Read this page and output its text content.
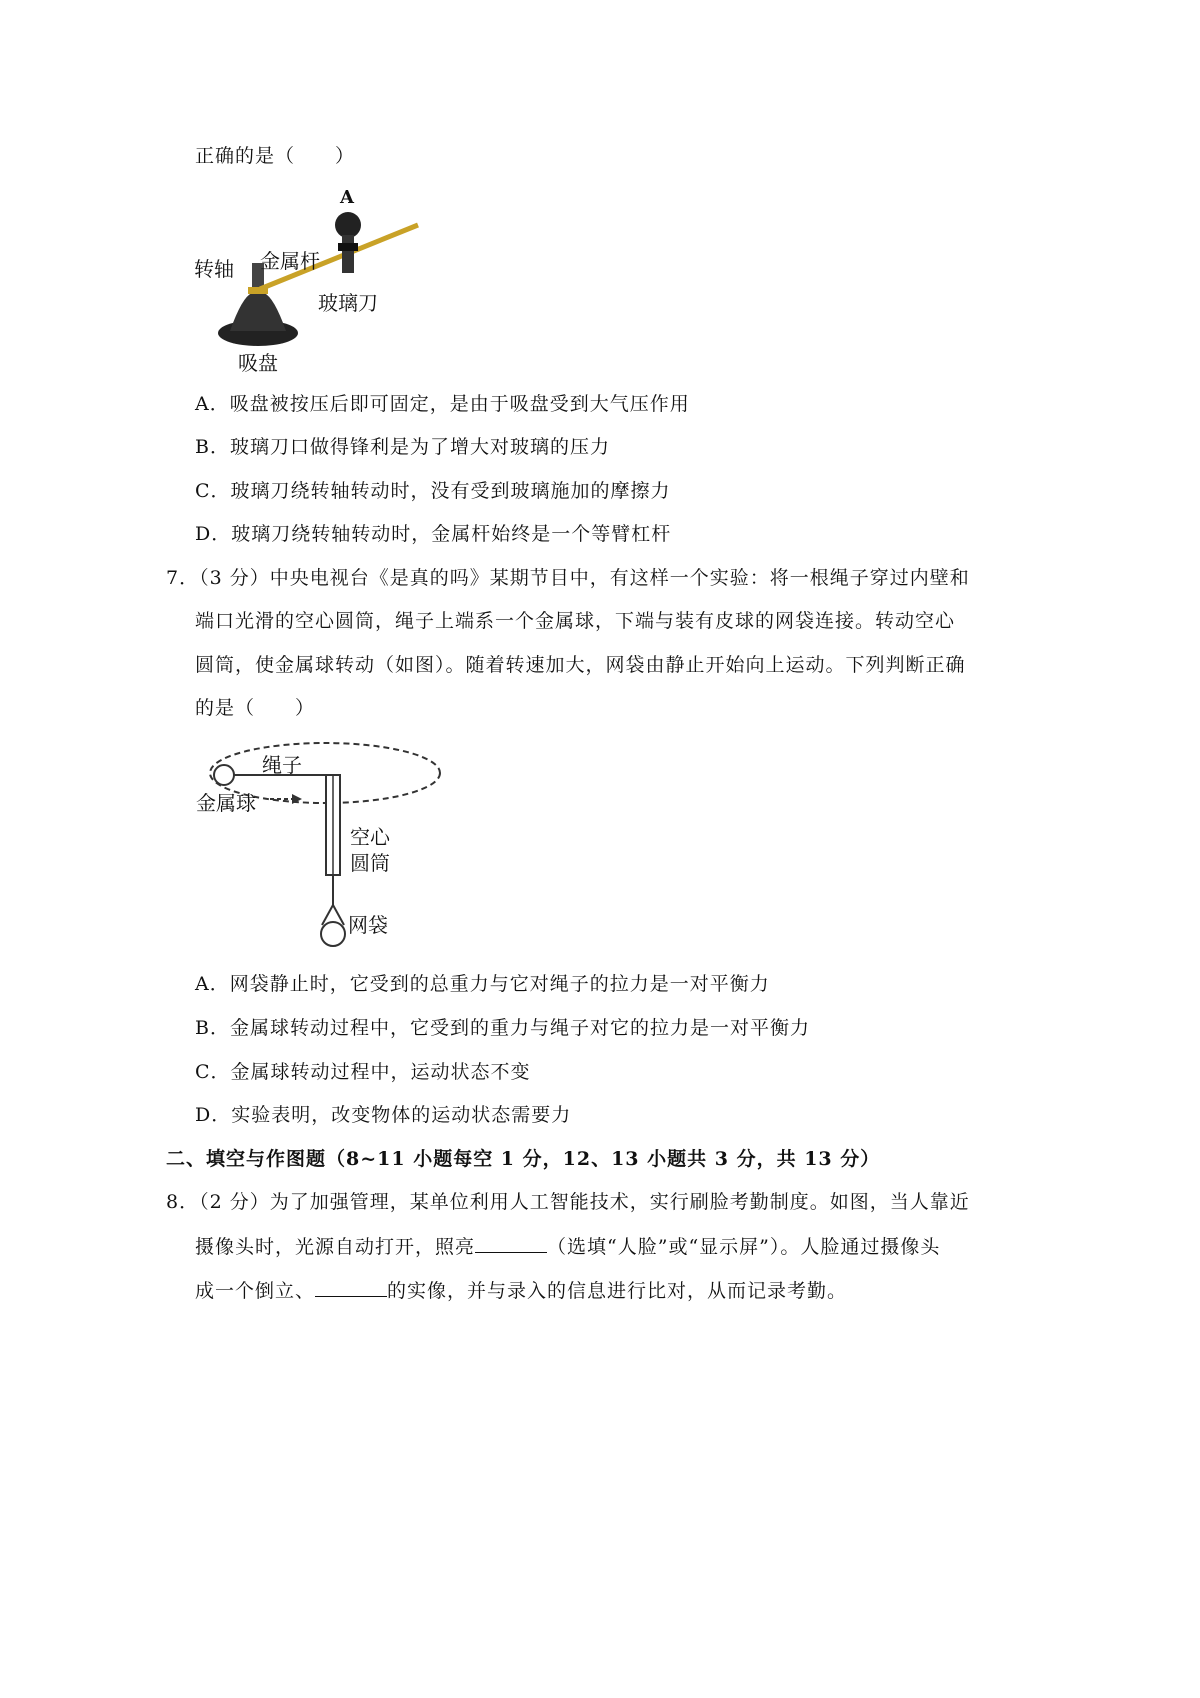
正确的是（　　）
A
转轴 金属杆
玻璃刀
吸盘
A．吸盘被按压后即可固定，是由于吸盘受到大气压作用
B．玻璃刀口做得锋利是为了增大对玻璃的压力
C．玻璃刀绕转轴转动时，没有受到玻璃施加的摩擦力
D．玻璃刀绕转轴转动时，金属杆始终是一个等臂杠杆
7．（3 分）中央电视台《是真的吗》某期节目中，有这样一个实验：将一根绳子穿过内壁和
端口光滑的空心圆筒，绳子上端系一个金属球，下端与装有皮球的网袋连接。转动空心
圆筒，使金属球转动（如图）。随着转速加大，网袋由静止开始向上运动。下列判断正确
的是（　　）
绳子
金属球
空心
圆筒
网袋
A．网袋静止时，它受到的总重力与它对绳子的拉力是一对平衡力
B．金属球转动过程中，它受到的重力与绳子对它的拉力是一对平衡力
C．金属球转动过程中，运动状态不变
D．实验表明，改变物体的运动状态需要力
二、填空与作图题（8~11 小题每空 1 分，12、13 小题共 3 分，共 13 分）
8．（2 分）为了加强管理，某单位利用人工智能技术，实行刷脸考勤制度。如图，当人靠近
摄像头时，光源自动打开，照亮	（选填“人脸”或“显示屏”）。人脸通过摄像头
成一个倒立、	的实像，并与录入的信息进行比对，从而记录考勤。
